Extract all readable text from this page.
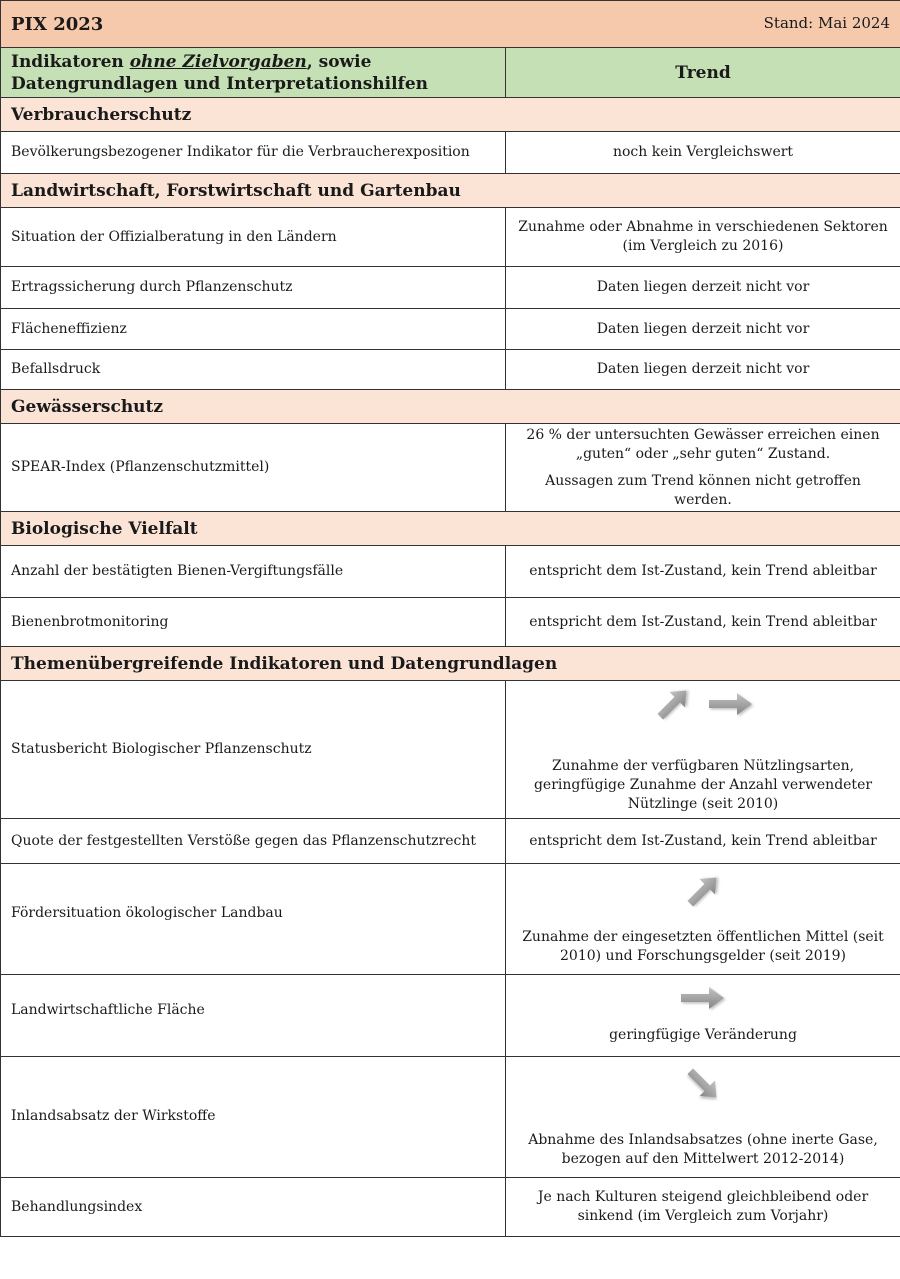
PIX 2023 Stand: Mai 2024	

Indikatoren ohne Zielvorgaben, sowie Datengrundlagen und Interpretationshilfen	Trend
Verbraucherschutz	
Bevölkerungsbezogener Indikator für die Verbraucherexposition	noch kein Vergleichswert
Landwirtschaft, Forstwirtschaft und Gartenbau	
Situation der Offizialberatung in den Ländern	Zunahme oder Abnahme in verschiedenen Sektoren (im Vergleich zu 2016)
Ertragssicherung durch Pflanzenschutz	Daten liegen derzeit nicht vor
Flächeneffizienz	Daten liegen derzeit nicht vor
Befallsdruck	Daten liegen derzeit nicht vor
Gewässerschutz	
SPEAR-Index (Pflanzenschutzmittel)	26 % der untersuchten Gewässer erreichen einen „guten“ oder „sehr guten“ Zustand.

Aussagen zum Trend können nicht getroffen werden.

Biologische Vielfalt	
Anzahl der bestätigten Bienen-Vergiftungsfälle	entspricht dem Ist-Zustand, kein Trend ableitbar
Bienenbrotmonitoring	entspricht dem Ist-Zustand, kein Trend ableitbar
Themenübergreifende Indikatoren und Datengrundlagen	
Statusbericht Biologischer Pflanzenschutz	Zunahme der verfügbaren Nützlingsarten, geringfügige Zunahme der Anzahl verwendeter Nützlinge (seit 2010)

Quote der festgestellten Verstöße gegen das Pflanzenschutzrecht	entspricht dem Ist-Zustand, kein Trend ableitbar
Fördersituation ökologischer Landbau	Zunahme der eingesetzten öffentlichen Mittel (seit 2010) und Forschungsgelder (seit 2019)

Landwirtschaftliche Fläche	geringfügige Veränderung

Inlandsabsatz der Wirkstoffe	Abnahme des Inlandsabsatzes (ohne inerte Gase, bezogen auf den Mittelwert 2012-2014)

Behandlungsindex	Je nach Kulturen steigend gleichbleibend oder sinkend (im Vergleich zum Vorjahr)
